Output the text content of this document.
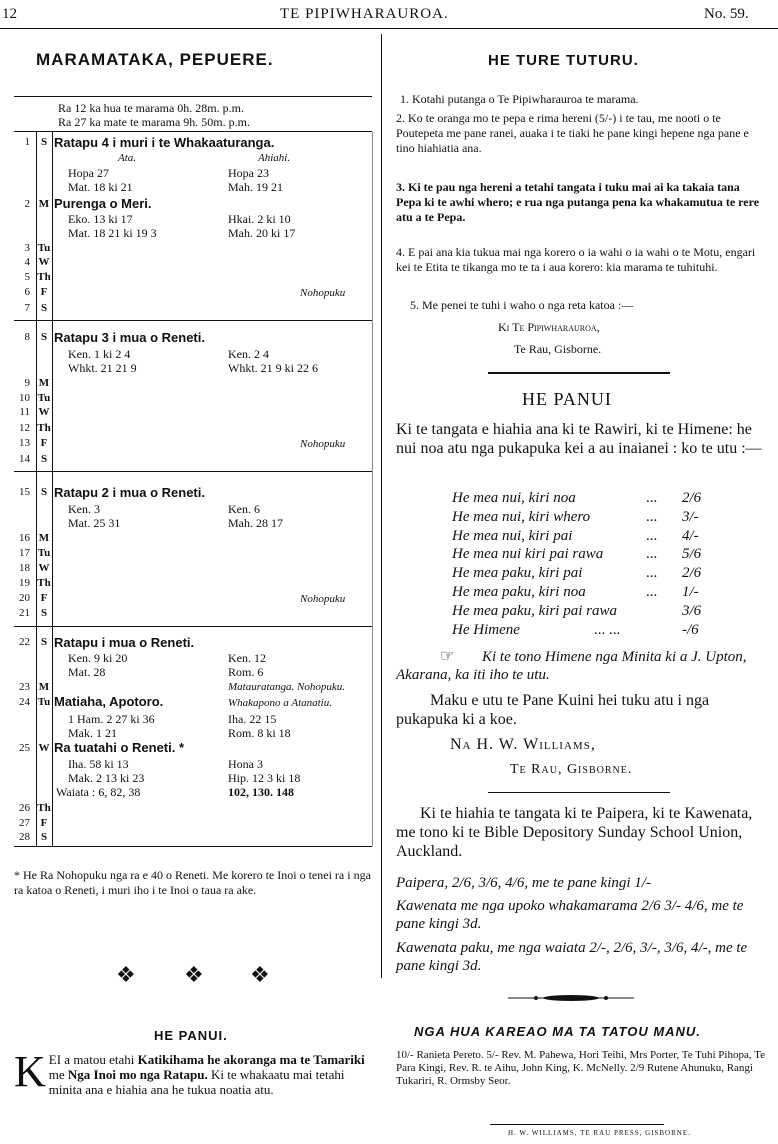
12	TE PIPIWHARAUROA.	No. 59.
MARAMATAKA, PEPUERE.
Ra 12 ka hua te marama 0h. 28m. p.m.
Ra 27 ka mate te marama 9h. 50m. p.m.
1 S Ratapu 4 i muri i te Whakaaturanga.
Ata.	Ahiahi.
Hopa 27	Hopa 23
Mat. 18 ki 21	Mah. 19 21
2 M Purenga o Meri.
Eko. 13 ki 17	Hkai. 2 ki 10
Mat. 18 21 ki 19 3	Mah. 20 ki 17
3 Tu
4 W
5 Th
6 F	Nohopuku
7 S
8 S Ratapu 3 i mua o Reneti.
Ken. 1 ki 2 4	Ken. 2 4
Whkt. 21 21 9	Whkt. 21 9 ki 22 6
9 M
10 Tu
11 W
12 Th
13 F	Nohopuku
14 S
15 S Ratapu 2 i mua o Reneti.
Ken. 3	Ken. 6
Mat. 25 31	Mah. 28 17
16 M
17 Tu
18 W
19 Th
20 F	Nohopuku
21 S
22 S Ratapu i mua o Reneti.
Ken. 9 ki 20	Ken. 12
Mat. 28	Rom. 6
Matauratanga. Nohopuku.
23 M
24 Tu Matiaha, Apotoro.	Whakapono a Atanatiu.
1 Ham. 2 27 ki 36	Iha. 22 15
Mak. 1 21	Rom. 8 ki 18
25 W Ra tuatahi o Reneti. *
Iha. 58 ki 13	Hona 3
Mak. 2 13 ki 23	Hip. 12 3 ki 18
Waiata : 6, 82, 38	102, 130. 148
26 Th
27 F
28 S
* He Ra Nohopuku nga ra e 40 o Reneti. Me korero te Inoi o tenei ra i nga ra katoa o Reneti, i muri iho i te Inoi o taua ra ake.
❖ ❖ ❖
HE PANUI.
KEI a matou etahi Katikihama he akoranga ma te Tamariki me Nga Inoi mo nga Ratapu. Ki te whakaatu mai tetahi minita ana e hiahia ana he tukua noatia atu.
HE TURE TUTURU.
1. Kotahi putanga o Te Pipiwharauroa te marama.
2. Ko te oranga mo te pepa e rima hereni (5/-) i te tau, me nooti o te Poutepeta me pane ranei, auaka i te tiaki he pane kingi hepene nga pane e tino hiahiatia ana.
3. Ki te pau nga hereni a tetahi tangata i tuku mai ai ka takaia tana Pepa ki te awhi whero; e rua nga putanga pena ka whakamutua te rere atu a te Pepa.
4. E pai ana kia tukua mai nga korero o ia wahi o ia wahi o te Motu, engari kei te Etita te tikanga mo te ta i aua korero: kia marama te tuhituhi.
5. Me penei te tuhi i waho o nga reta katoa :—
Ki Te Pipiwharauroa,
Te Rau, Gisborne.
HE PANUI
Ki te tangata e hiahia ana ki te Rawiri, ki te Himene: he nui noa atu nga pukapuka kei a au inaianei : ko te utu :—
He mea nui, kiri noa	... 2/6
He mea nui, kiri whero	... 3/-
He mea nui, kiri pai	... 4/-
He mea nui kiri pai rawa	... 5/6
He mea paku, kiri pai	... 2/6
He mea paku, kiri noa	... 1/-
He mea paku, kiri pai rawa	3/6
He Himene	... ...	-/6
☞	Ki te tono Himene nga Minita ki a J. Upton, Akarana, ka iti iho te utu.
Maku e utu te Pane Kuini hei tuku atu i nga pukapuka ki a koe.
Na H. W. Williams,
Te Rau, Gisborne.
Ki te hiahia te tangata ki te Paipera, ki te Kawenata, me tono ki te Bible Depository Sunday School Union, Auckland.
Paipera, 2/6, 3/6, 4/6, me te pane kingi 1/-
Kawenata me nga upoko whakamarama 2/6 3/- 4/6, me te pane kingi 3d.
Kawenata paku, me nga waiata 2/-, 2/6, 3/-, 3/6, 4/-, me te pane kingi 3d.
NGA HUA KAREAO MA TA TATOU MANU.
10/- Ranieta Pereto. 5/- Rev. M. Pahewa, Hori Teihi, Mrs Porter, Te Tuhi Pihopa, Te Para Kingi, Rev. R. te Aihu, John King, K. McNelly. 2/9 Rutene Ahunuku, Rangi Tukariri, R. Ormsby Seor.
H. W. WILLIAMS, TE RAU PRESS, GISBORNE.
